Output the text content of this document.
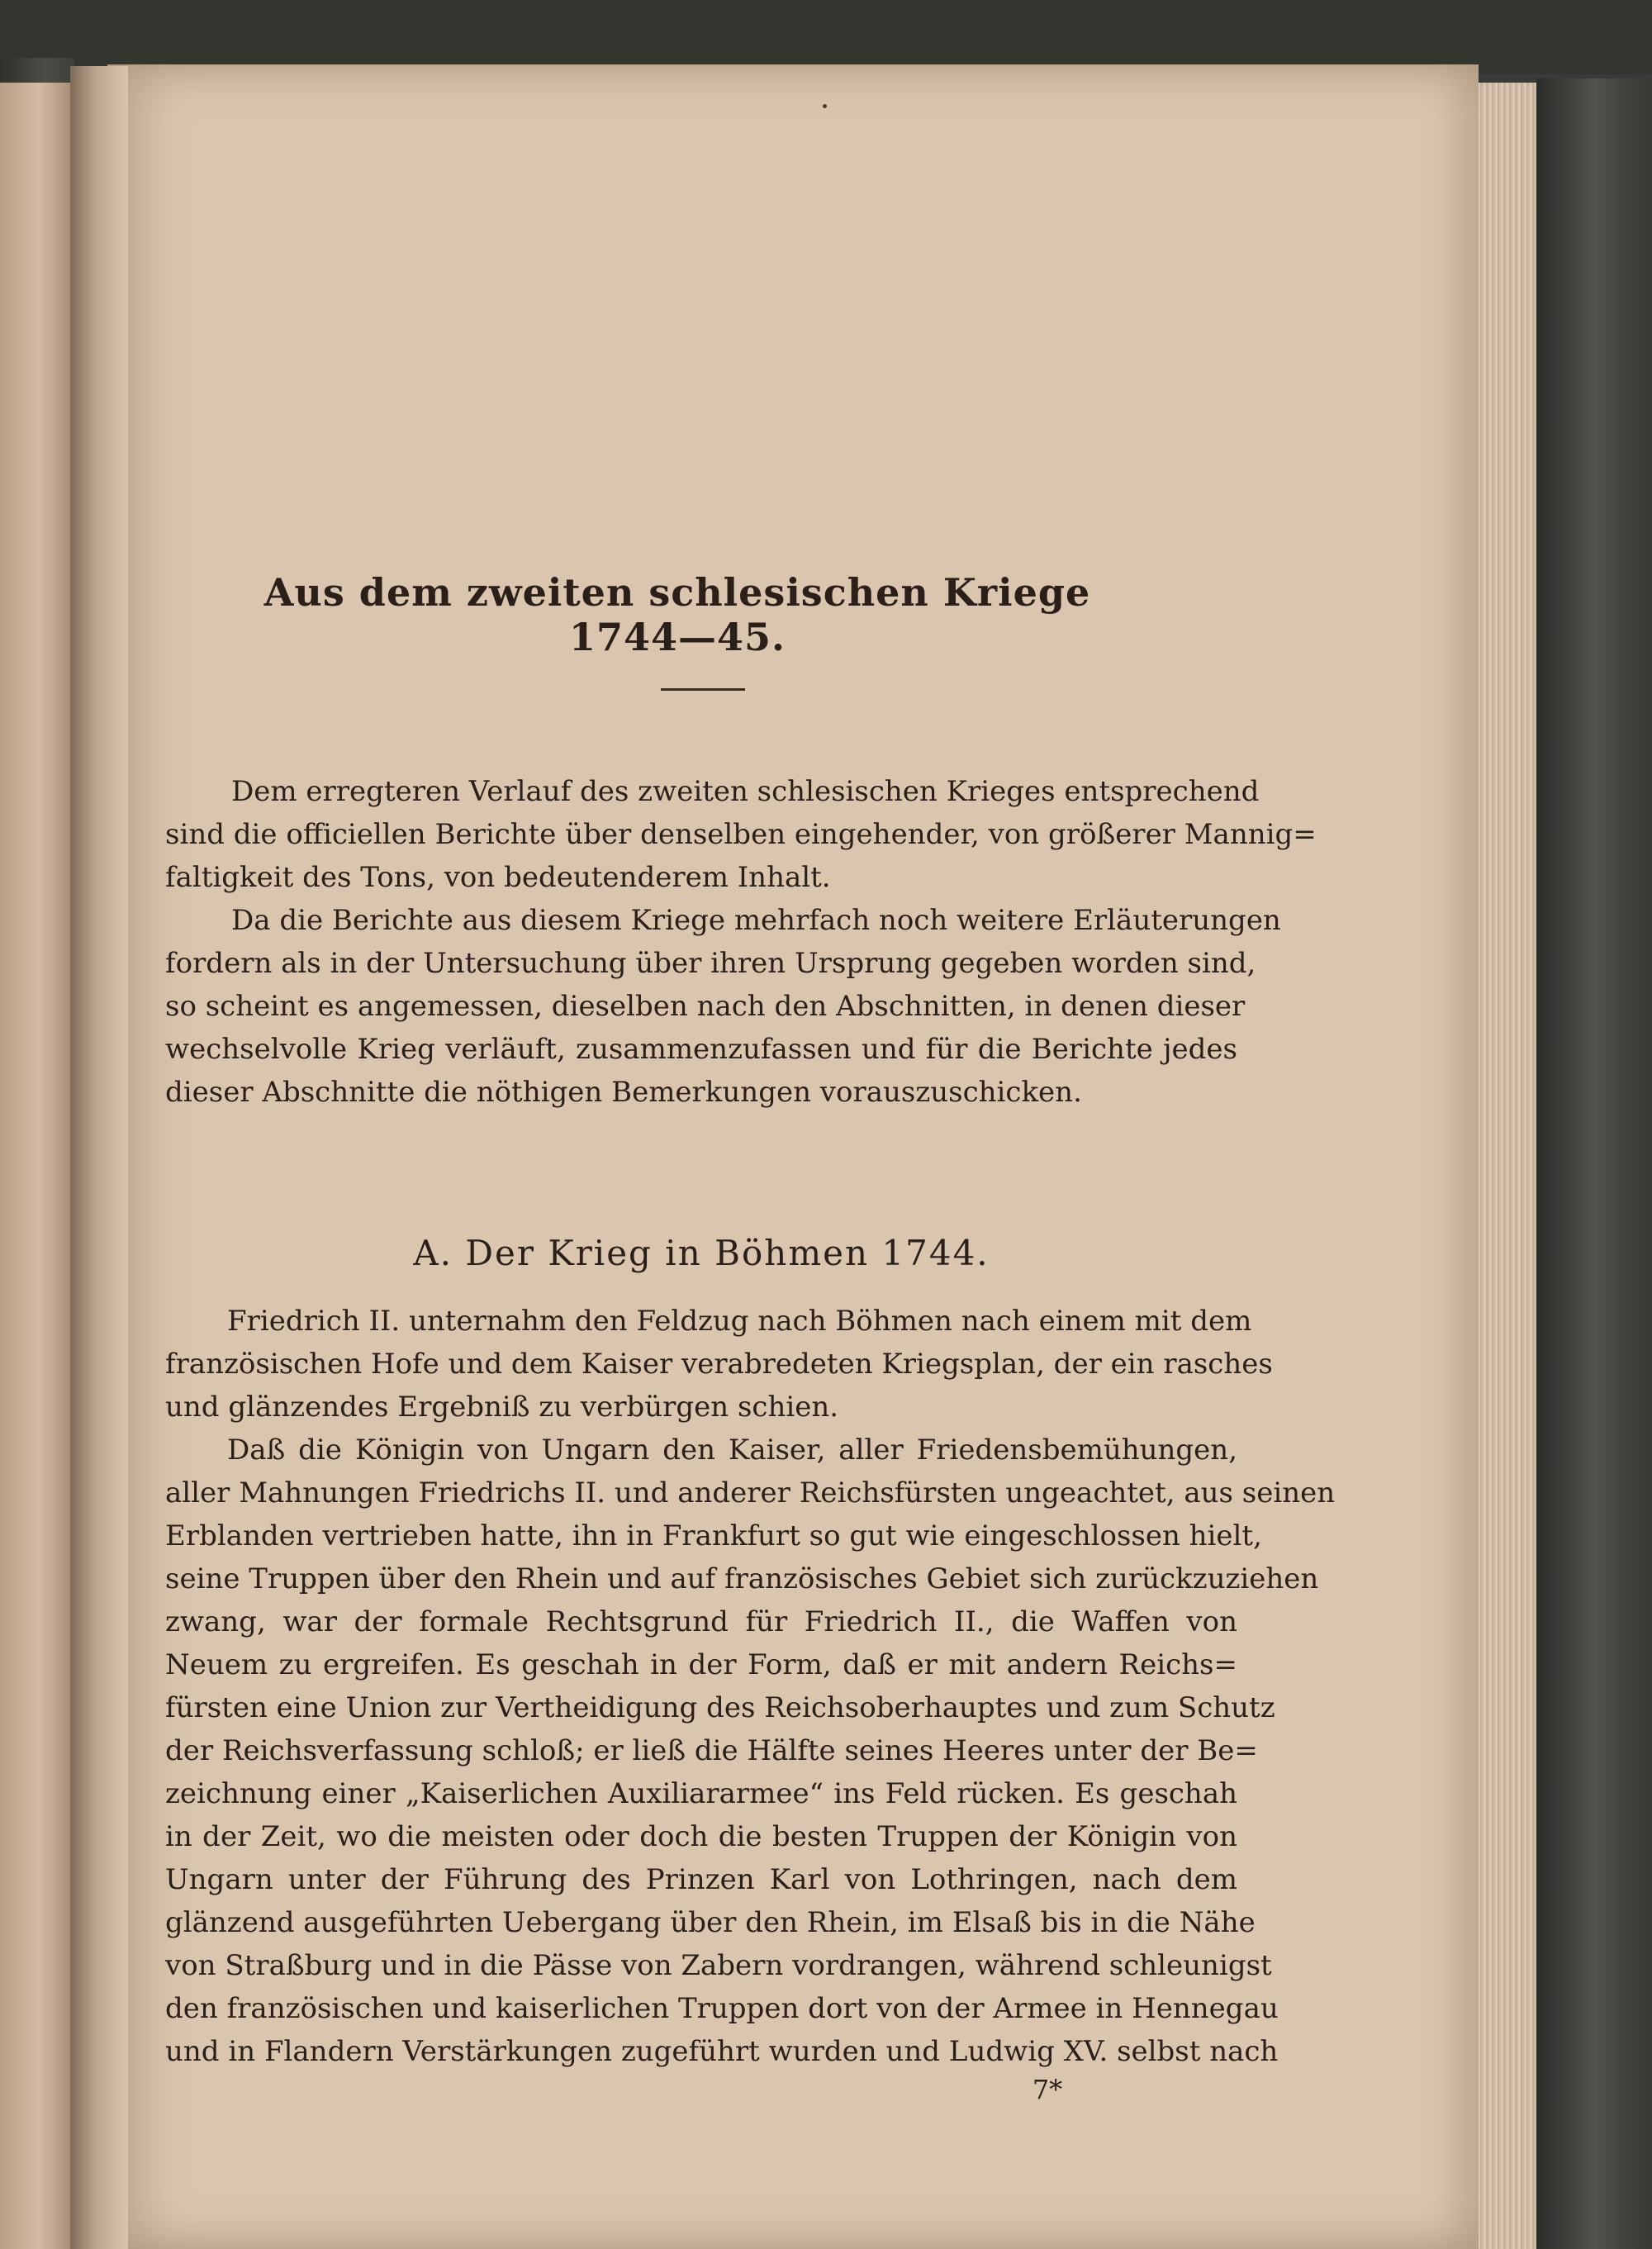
Aus dem zweiten schlesischen Kriege 1744—45.
Dem erregteren Verlauf des zweiten schlesischen Krieges entsprechend
sind die officiellen Berichte über denselben eingehender, von größerer Mannig=
faltigkeit des Tons, von bedeutenderem Inhalt.
Da die Berichte aus diesem Kriege mehrfach noch weitere Erläuterungen
fordern als in der Untersuchung über ihren Ursprung gegeben worden sind,
so scheint es angemessen, dieselben nach den Abschnitten, in denen dieser
wechselvolle Krieg verläuft, zusammenzufassen und für die Berichte jedes
dieser Abschnitte die nöthigen Bemerkungen vorauszuschicken.
A. Der Krieg in Böhmen 1744.
Friedrich II. unternahm den Feldzug nach Böhmen nach einem mit dem
französischen Hofe und dem Kaiser verabredeten Kriegsplan, der ein rasches
und glänzendes Ergebniß zu verbürgen schien.
Daß die Königin von Ungarn den Kaiser, aller Friedensbemühungen,
aller Mahnungen Friedrichs II. und anderer Reichsfürsten ungeachtet, aus seinen
Erblanden vertrieben hatte, ihn in Frankfurt so gut wie eingeschlossen hielt,
seine Truppen über den Rhein und auf französisches Gebiet sich zurückzuziehen
zwang, war der formale Rechtsgrund für Friedrich II., die Waffen von
Neuem zu ergreifen. Es geschah in der Form, daß er mit andern Reichs=
fürsten eine Union zur Vertheidigung des Reichsoberhauptes und zum Schutz
der Reichsverfassung schloß; er ließ die Hälfte seines Heeres unter der Be=
zeichnung einer „Kaiserlichen Auxiliararmee“ ins Feld rücken. Es geschah
in der Zeit, wo die meisten oder doch die besten Truppen der Königin von
Ungarn unter der Führung des Prinzen Karl von Lothringen, nach dem
glänzend ausgeführten Uebergang über den Rhein, im Elsaß bis in die Nähe
von Straßburg und in die Pässe von Zabern vordrangen, während schleunigst
den französischen und kaiserlichen Truppen dort von der Armee in Hennegau
und in Flandern Verstärkungen zugeführt wurden und Ludwig XV. selbst nach
7*
